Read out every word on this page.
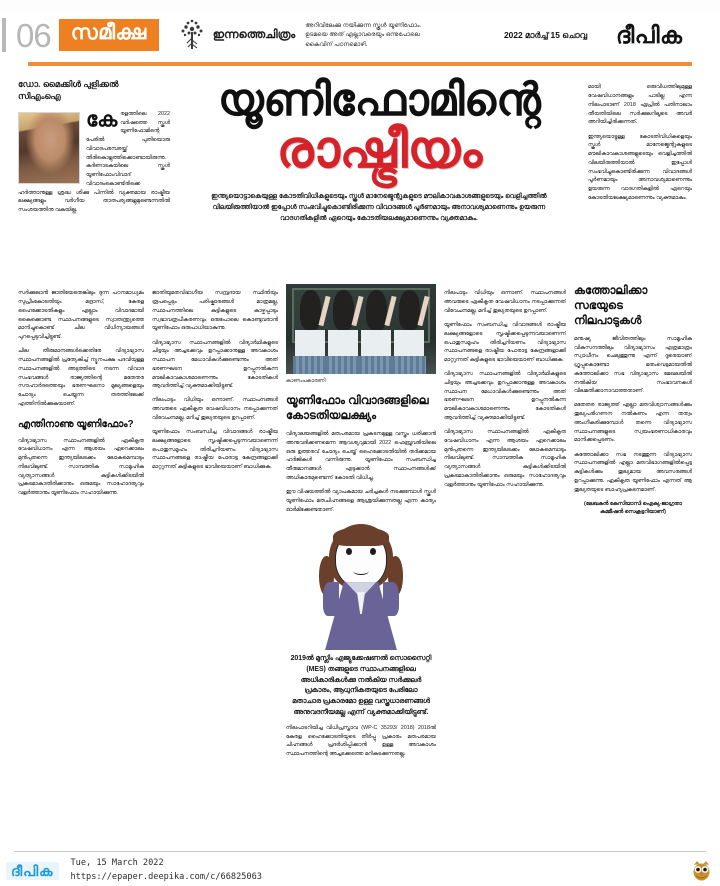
06 സമീക്ഷ	ഇന്നത്തെചിത്രം
അറിവിലേക്കു നയിക്കുന്ന സ്കൂൾ യൂണിഫോം.
ഉടമയെ അത് എല്ലാവരെയും ഒന്നുപോലെ
കൈവിന് പഠനമൊഴി.
2022 മാർച്ച് 15 ചൊവ്വ ദീപിക
ഡോ. മൈക്കിൾ പുളിക്കൽ
സിഎംഐ
കേ രളത്തിലെ 2022 വർഷത്തെ സ്കൂൾ യൂണിഫോമിന്റെ പേരിൽ പുതിയൊരു വിവാദപരമ്പരയ്ക്ക് തിരികൊളുത്തിക്കൊണ്ടായിരുന്നു. കർണാടകയിലെ സ്കൂൾ യൂണിഫോംവിവാദ് വിവാദംകൊണ്ടിരിക്കെ ഹർത്താനുള്ള ശ്രദ്ധ ശിക്കു പിന്നിൽ വ്യക്തമായ രാഷ്ട്രീയ ലക്ഷ്യങ്ങളും വർഗീയ താത്പര്യങ്ങളുമുണ്ടെന്നതിൽ സംശയത്തിനു വകയില്ല.
യൂണിഫോമിന്റെ
രാഷ്ട്രീയം
ഇന്ത്യയൊട്ടാകെയുള്ള കോടതിവിധികളുടെയും സ്കൂൾ മാനേജ്മെന്റുകളുടെ മൗലികാവകാശങ്ങളുടെയും വെളിച്ചത്തിൽ വിലയിരുത്തിയാൽ ഇപ്പോൾ സംഭവിച്ചുകൊണ്ടിരിക്കുന്ന വിവാദങ്ങൾ പൂർണമായും അനാവശ്യമാണെന്നും ഉയരുന്ന വാദഗതികളിൽ ഏറെയും കോടതിയലക്ഷ്യമാണെന്നും വ്യക്തമാകും.

മായി ഒരുവിധത്തിലുമുള്ള വേഷവിധാനങ്ങളും പാടില്ല എന്ന നിലപാടാണ് 2018 ഏപ്രിൽ പതിനാലാം തീയതിയിലെ സർക്കുലറിലൂടെ അവർ അറിയിച്ചിരിക്കുന്നത്.

ഇന്ത്യയൊട്ടുള്ള കോടതിവിധികളെയും സ്കൂൾ മാനേജ്മെന്റുകളുടെ മൗലികാവകാശങ്ങളുടെയും വെളിച്ചത്തിൽ വിലയിരുത്തിയാൽ ഇപ്പോൾ സംഭവിച്ചുകൊണ്ടിരിക്കുന്ന വിവാദങ്ങൾ പൂർണമായും അനാവശ്യമാണെന്നും ഉയരുന്ന വാദഗതികളിൽ ഏറെയും കോടതിയലക്ഷ്യമാണെന്നും വ്യക്തമാകും.

സർക്കുലാൻ ജാതിയേതെങ്കിലും ദുന്ന പഠനമാധ്യമം സുപ്രീംകോടതിയും മദ്രാസ്, കേരള ഹൈക്കോടതികളും എല്ലാം വിവാദമായി കൈക്കൊണ്ട സ്ഥാപനങ്ങളുടെ സ്വാതന്ത്ര്യത്തെ മാനിച്ചുകൊണ്ട് ചില വിധിന്യായങ്ങൾ പുറപ്പെടുവിച്ചിട്ടുണ്ട്.

ചില തീരുമാനങ്ങൾക്കെതിരേ വിദ്യാഭ്യാസ സ്ഥാപനങ്ങളിൽ പ്രത്യേകിച്ച് ന്യൂനപക്ഷ പദവിയുള്ള സ്ഥാപനങ്ങളിൽ അടുത്തിടെ നടന്ന വിവാദ സംഭവങ്ങൾ രാജ്യത്തിന്റെ മതേതര സൗഹാർദത്തെയും ഭരണഘടനാ മൂല്യങ്ങളെയും ചോദ്യം ചെയ്യുന്ന തരത്തിലേക്ക് എത്തിനിൽക്കുകയാണ്.

എന്തിനാണു യൂണിഫോം?

വിദ്യാഭ്യാസ സ്ഥാപനങ്ങളിൽ ഏകീകൃത വേഷവിധാനം എന്ന ആശയം ഏറെക്കാലം മുൻപുതന്നെ ഇന്ത്യയിലടക്കം ലോകമെമ്പാടും നിലവിലുണ്ട്. സാമ്പത്തിക സാമൂഹിക വ്യത്യാസങ്ങൾ കുട്ടികൾക്കിടയിൽ പ്രകടമാകാതിരിക്കാനും ഒരുമയും സാഹോദര്യവും വളർത്താനും യൂണിഫോം സഹായിക്കുന്നു.

ജാതിയുമതവിഭാഗീയ സമ്പ്രദായ സ്ഥിതിയും രൂപപ്പെടും പരിഷ്കാരങ്ങൾ മാത്രമല്ല, സ്ഥാപനത്തിലെ കുട്ടികളുടെ കാഴ്ചപ്പാടും സ്വഭാവരൂപീകരണവും ഒരുപോലെ കൊണ്ടുവരാൻ യൂണിഫോം ഒരുപാധിയാകുന്നു.

വിദ്യാഭ്യാസ സ്ഥാപനങ്ങളിൽ വിദ്യാർഥികളുടെ ചിട്ടയും അച്ചടക്കവും ഉറപ്പാക്കാനുള്ള അവകാശം സ്ഥാപന മേധാവികൾക്കുണ്ടെന്നും അത് ഭരണഘടന ഉറപ്പുനൽകുന്ന മൗലികാവകാശമാണെന്നും കോടതികൾ ആവർത്തിച്ച് വ്യക്തമാക്കിയിട്ടുണ്ട്.

നിലപാടും വിധിയും ഒന്നാണ്. സ്ഥാപനങ്ങൾ അവരുടെ ഏകീകൃത വേഷവിധാനം നടപ്പാക്കുന്നത് വിവേചനമല്ല, മറിച്ച് തുല്യതയുടെ ഉറപ്പാണ്.

യൂണിഫോം സംബന്ധിച്ച വിവാദങ്ങൾ രാഷ്ട്രീയ ലക്ഷ്യങ്ങളോടെ സൃഷ്ടിക്കപ്പെടുന്നവയാണെന്ന് പൊതുസമൂഹം തിരിച്ചറിയണം. വിദ്യാഭ്യാസ സ്ഥാപനങ്ങളെ രാഷ്ട്രീയ പോരാട്ട കേന്ദ്രങ്ങളാക്കി മാറ്റുന്നത് കുട്ടികളുടെ ഭാവിയെയാണ് ബാധിക്കുക.

കാണംപകാരണി
യൂണിഫോം വിവാദങ്ങളിലെ കോടതിയലക്ഷ്യം

വിദ്യാലയങ്ങളിൽ മതപരമായ പ്രകടനമുള്ള വസ്ത്രം ധരിക്കാൻ അനുവദിക്കണമെന്ന ആവശ്യവുമായി 2022 ഫെബ്രുവരിയിലെ ഒരു ഉത്തരവ് ചോദ്യം ചെയ്ത് ഹൈക്കോടതിയിൽ തർക്കമായ ഹർജികൾ വന്നിരുന്നു. യൂണിഫോം സംബന്ധിച്ച തീരുമാനങ്ങൾ എടുക്കാൻ സ്ഥാപനങ്ങൾക്ക് അധികാരമുണ്ടെന്ന് കോടതി വിധിച്ചു.

ഈ വിഷയത്തിൽ വ്യാപകമായ ചർച്ചകൾ നടക്കുമ്പോൾ സ്കൂൾ യൂണിഫോം മതചിഹ്നങ്ങളെ ആശ്രയിക്കുന്നതല്ല എന്ന കാര്യം ഓർമിക്കേണ്ടതാണ്.

2019ൽ മുസ്ലിം എജ്യുക്കേഷണൽ സൊസൈറ്റി (MES) തങ്ങളുടെ സ്ഥാപനങ്ങളിലെ അധികാരികൾക്കു നൽകിയ സർക്കുലർ പ്രകാരം, ആധുനികതയുടെ പേരിലോ മതാചാര പ്രകാരമോ ഉള്ള വസ്ത്രധാരണങ്ങൾ അനുവദനീയമല്ല എന്ന് വ്യക്തമാക്കിയിട്ടുണ്ട്.

നിലപാടറിയിച്ച വിധിപ്രസ്താവ (WP-C 35293/ 2018) 2018ൽ കേരള ഹൈക്കോടതിയുടെ തീർപ്പു പ്രകാരം മതപരമായ ചിഹ്നങ്ങൾ പ്രദർശിപ്പിക്കാൻ ഉള്ള അവകാശം സ്ഥാപനത്തിന്റെ അച്ചടക്കത്തെ മറികടക്കുന്നതല്ല.

നിലപാടും വിധിയും ഒന്നാണ്. സ്ഥാപനങ്ങൾ അവരുടെ ഏകീകൃത വേഷവിധാനം നടപ്പാക്കുന്നത് വിവേചനമല്ല, മറിച്ച് തുല്യതയുടെ ഉറപ്പാണ്.

യൂണിഫോം സംബന്ധിച്ച വിവാദങ്ങൾ രാഷ്ട്രീയ ലക്ഷ്യങ്ങളോടെ സൃഷ്ടിക്കപ്പെടുന്നവയാണെന്ന് പൊതുസമൂഹം തിരിച്ചറിയണം. വിദ്യാഭ്യാസ സ്ഥാപനങ്ങളെ രാഷ്ട്രീയ പോരാട്ട കേന്ദ്രങ്ങളാക്കി മാറ്റുന്നത് കുട്ടികളുടെ ഭാവിയെയാണ് ബാധിക്കുക.

വിദ്യാഭ്യാസ സ്ഥാപനങ്ങളിൽ വിദ്യാർഥികളുടെ ചിട്ടയും അച്ചടക്കവും ഉറപ്പാക്കാനുള്ള അവകാശം സ്ഥാപന മേധാവികൾക്കുണ്ടെന്നും അത് ഭരണഘടന ഉറപ്പുനൽകുന്ന മൗലികാവകാശമാണെന്നും കോടതികൾ ആവർത്തിച്ച് വ്യക്തമാക്കിയിട്ടുണ്ട്.

വിദ്യാഭ്യാസ സ്ഥാപനങ്ങളിൽ ഏകീകൃത വേഷവിധാനം എന്ന ആശയം ഏറെക്കാലം മുൻപുതന്നെ ഇന്ത്യയിലടക്കം ലോകമെമ്പാടും നിലവിലുണ്ട്. സാമ്പത്തിക സാമൂഹിക വ്യത്യാസങ്ങൾ കുട്ടികൾക്കിടയിൽ പ്രകടമാകാതിരിക്കാനും ഒരുമയും സാഹോദര്യവും വളർത്താനും യൂണിഫോം സഹായിക്കുന്നു.

കത്തോലിക്കാ സഭയുടെ നിലപാടുകൾ

മനുഷ്യ ജീവിതത്തിലും സാമൂഹിക വികസനത്തിലും വിദ്യാഭ്യാസം എത്രമാത്രം സ്വാധീനം ചെലുത്തുന്നു എന്ന് ദൂരെയാണ് ഗ്രൂപ്പുകൊണ്ടോ മതംവെട്ടമായതിൽ കത്തോലിക്കാ സഭ വിദ്യാഭ്യാസ മേഖലയിൽ നൽകിയ സംഭാവനകൾ വിലമതിക്കാനാവാത്തതാണ്.

മതേതര രാജ്യത്ത് എല്ലാ മതവിശ്വാസങ്ങൾക്കും തുല്യപരിഗണന നൽകണം എന്ന തത്വം അംഗീകരിക്കുമ്പോൾ തന്നെ വിദ്യാഭ്യാസ സ്ഥാപനങ്ങളുടെ സ്വയംഭരണാധികാരവും മാനിക്കപ്പെടണം.

കത്തോലിക്കാ സഭ നടത്തുന്ന വിദ്യാഭ്യാസ സ്ഥാപനങ്ങളിൽ എല്ലാ മതവിഭാഗങ്ങളിൽപ്പെട്ട കുട്ടികൾക്കും തുല്യമായ അവസരങ്ങൾ ഉറപ്പാക്കുന്നു. ഏകീകൃത യൂണിഫോം എന്നത് ആ തുല്യതയുടെ ബാഹ്യപ്രകടനമാണ്.

(ലേഖകൻ കേസിയാസി ഐക്യ-ജാഗ്രതാ കമ്മീഷൻ സെക്രട്ടറിയാണ്)
ദീപിക	Tue, 15 March 2022
https://epaper.deepika.com/c/66825063
